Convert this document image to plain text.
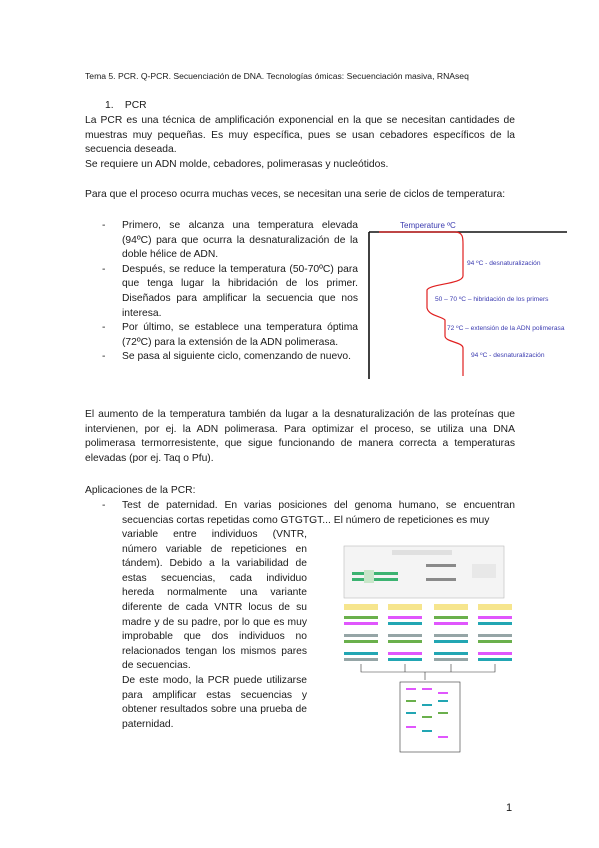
Tema 5. PCR. Q-PCR. Secuenciación de DNA. Tecnologías ómicas: Secuenciación masiva, RNAseq
1. PCR
La PCR es una técnica de amplificación exponencial en la que se necesitan cantidades de muestras muy pequeñas. Es muy específica, pues se usan cebadores específicos de la secuencia deseada.
Se requiere un ADN molde, cebadores, polimerasas y nucleótidos.
Para que el proceso ocurra muchas veces, se necesitan una serie de ciclos de temperatura:
- Primero, se alcanza una temperatura elevada (94ºC) para que ocurra la desnaturalización de la doble hélice de ADN.
- Después, se reduce la temperatura (50-70ºC) para que tenga lugar la hibridación de los primer. Diseñados para amplificar la secuencia que nos interesa.
- Por último, se establece una temperatura óptima (72ºC) para la extensión de la ADN polimerasa.
- Se pasa al siguiente ciclo, comenzando de nuevo.
Temperature ºC
94 ºC - desnaturalización
50 – 70 ºC – hibridación de los primers
72 ºC – extensión de la ADN polimerasa
94 ºC - desnaturalización
El aumento de la temperatura también da lugar a la desnaturalización de las proteínas que intervienen, por ej. la ADN polimerasa. Para optimizar el proceso, se utiliza una DNA polimerasa termorresistente, que sigue funcionando de manera correcta a temperaturas elevadas (por ej. Taq o Pfu).
Aplicaciones de la PCR:
- Test de paternidad. En varias posiciones del genoma humano, se encuentran secuencias cortas repetidas como GTGTGT... El número de repeticiones es muy
variable entre individuos (VNTR, número variable de repeticiones en tándem). Debido a la variabilidad de estas secuencias, cada individuo hereda normalmente una variante diferente de cada VNTR locus de su madre y de su padre, por lo que es muy improbable que dos individuos no relacionados tengan los mismos pares de secuencias.
De este modo, la PCR puede utilizarse para amplificar estas secuencias y obtener resultados sobre una prueba de paternidad.
1
